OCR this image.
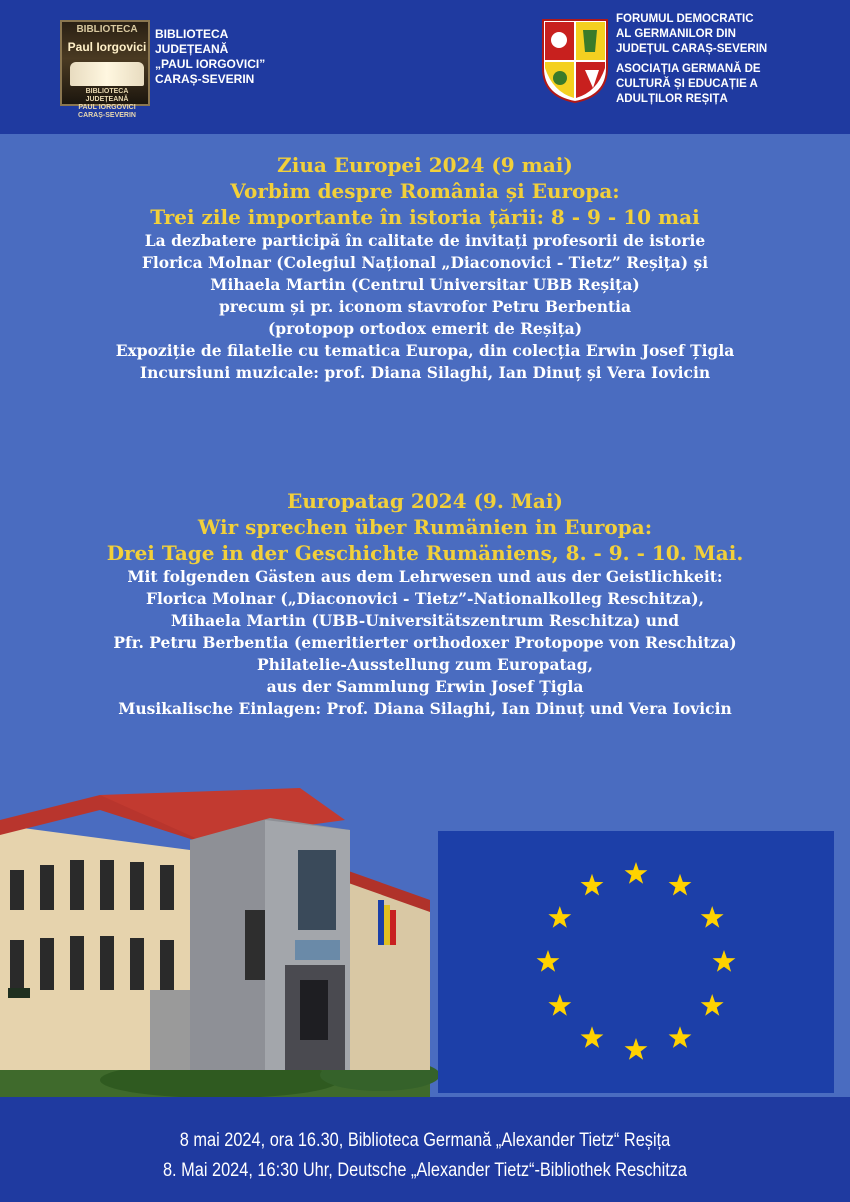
BIBLIOTECA
Paul Iorgovici
BIBLIOTECA JUDEȚEANĂ
PAUL IORGOVICI
CARAȘ-SEVERIN
BIBLIOTECA
JUDEȚEANĂ
„PAUL IORGOVICI”
CARAȘ-SEVERIN
FORUMUL DEMOCRATIC
AL GERMANILOR DIN
JUDEȚUL CARAȘ-SEVERIN
ASOCIAȚIA GERMANĂ DE
CULTURĂ ȘI EDUCAȚIE A
ADULȚILOR REȘIȚA
Ziua Europei 2024 (9 mai)
Vorbim despre România și Europa:
Trei zile importante în istoria țării: 8 - 9 - 10 mai
La dezbatere participă în calitate de invitați profesorii de istorie
Florica Molnar (Colegiul Național „Diaconovici - Tietz” Reșița) și
Mihaela Martin (Centrul Universitar UBB Reșița)
precum și pr. iconom stavrofor Petru Berbentia
(protopop ortodox emerit de Reșița)
Expoziție de filatelie cu tematica Europa, din colecția Erwin Josef Țigla
Incursiuni muzicale: prof. Diana Silaghi, Ian Dinuț și Vera Iovicin
Europatag 2024 (9. Mai)
Wir sprechen über Rumänien in Europa:
Drei Tage in der Geschichte Rumäniens, 8. - 9. - 10. Mai.
Mit folgenden Gästen aus dem Lehrwesen und aus der Geistlichkeit:
Florica Molnar („Diaconovici - Tietz”-Nationalkolleg Reschitza),
Mihaela Martin (UBB-Universitätszentrum Reschitza) und
Pfr. Petru Berbentia (emeritierter orthodoxer Protopope von Reschitza)
Philatelie-Ausstellung zum Europatag,
aus der Sammlung Erwin Josef Țigla
Musikalische Einlagen: Prof. Diana Silaghi, Ian Dinuț und Vera Iovicin
8 mai 2024, ora 16.30, Biblioteca Germană „Alexander Tietz“ Reșița
8. Mai 2024, 16:30 Uhr, Deutsche „Alexander Tietz“-Bibliothek Reschitza
